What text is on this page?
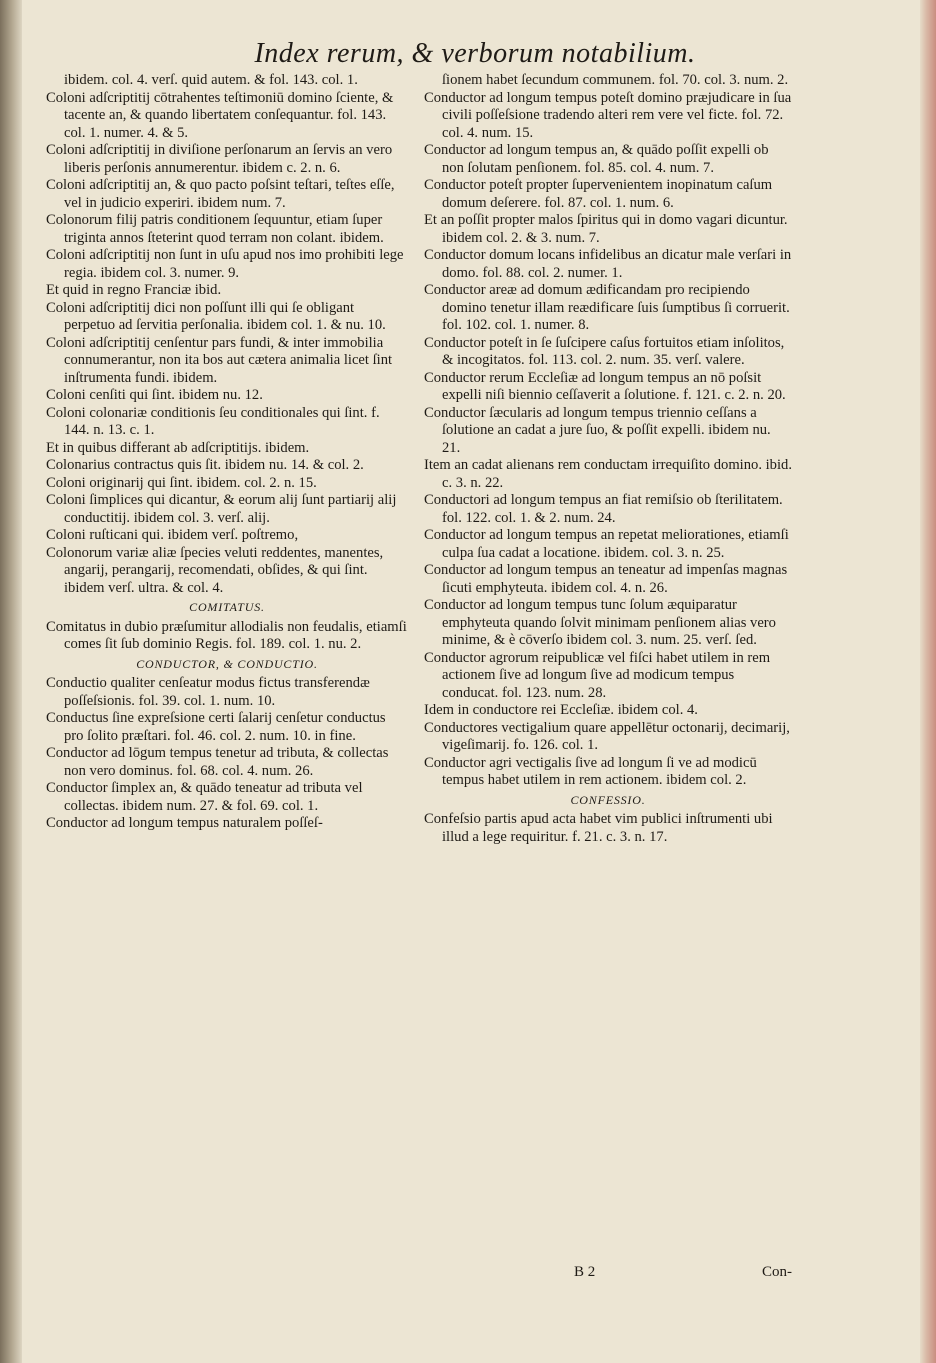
Index rerum, & verborum notabilium.
ibidem. col. 4. verſ. quid autem. & fol. 143. col. 1.
Coloni adſcriptitij cōtrahentes teſtimoniū domino ſciente, & tacente an, & quando libertatem conſequantur. fol. 143. col. 1. numer. 4. & 5.
Coloni adſcriptitij in diviſione perſonarum an ſervis an vero liberis perſonis annumerentur. ibidem c. 2. n. 6.
Coloni adſcriptitij an, & quo pacto poſsint teſtari, teſtes eſſe, vel in judicio experiri. ibidem num. 7.
Colonorum filij patris conditionem ſequuntur, etiam ſuper triginta annos ſteterint quod terram non colant. ibidem.
Coloni adſcriptitij non ſunt in uſu apud nos imo prohibiti lege regia. ibidem col. 3. numer. 9.
Et quid in regno Franciæ ibid.
Coloni adſcriptitij dici non poſſunt illi qui ſe obligant perpetuo ad ſervitia perſonalia. ibidem col. 1. & nu. 10.
Coloni adſcriptitij cenſentur pars fundi, & inter immobilia connumerantur, non ita bos aut cætera animalia licet ſint inſtrumenta fundi. ibidem.
Coloni cenſiti qui ſint. ibidem nu. 12.
Coloni colonariæ conditionis ſeu conditionales qui ſint. f. 144. n. 13. c. 1.
Et in quibus differant ab adſcriptitijs. ibidem.
Colonarius contractus quis ſit. ibidem nu. 14. & col. 2.
Coloni originarij qui ſint. ibidem. col. 2. n. 15.
Coloni ſimplices qui dicantur, & eorum alij ſunt partiarij alij conductitij. ibidem col. 3. verſ. alij.
Coloni ruſticani qui. ibidem verſ. poſtremo,
Colonorum variæ aliæ ſpecies veluti reddentes, manentes, angarij, perangarij, recomendati, obſides, & qui ſint. ibidem verſ. ultra. & col. 4.
COMITATUS.
Comitatus in dubio præſumitur allodialis non feudalis, etiamſi comes ſit ſub dominio Regis. fol. 189. col. 1. nu. 2.
CONDUCTOR, & CONDUCTIO.
Conductio qualiter cenſeatur modus fictus transferendæ poſſeſsionis. fol. 39. col. 1. num. 10.
Conductus ſine expreſsione certi ſalarij cenſetur conductus pro ſolito præſtari. fol. 46. col. 2. num. 10. in fine.
Conductor ad lōgum tempus tenetur ad tributa, & collectas non vero dominus. fol. 68. col. 4. num. 26.
Conductor ſimplex an, & quādo teneatur ad tributa vel collectas. ibidem num. 27. & fol. 69. col. 1.
Conductor ad longum tempus naturalem poſſeſ-
ſionem habet ſecundum communem. fol. 70. col. 3. num. 2.
Conductor ad longum tempus poteſt domino præjudicare in ſua civili poſſeſsione tradendo alteri rem vere vel ficte. fol. 72. col. 4. num. 15.
Conductor ad longum tempus an, & quādo poſſit expelli ob non ſolutam penſionem. fol. 85. col. 4. num. 7.
Conductor poteſt propter ſupervenientem inopinatum caſum domum deſerere. fol. 87. col. 1. num. 6.
Et an poſſit propter malos ſpiritus qui in domo vagari dicuntur. ibidem col. 2. & 3. num. 7.
Conductor domum locans infidelibus an dicatur male verſari in domo. fol. 88. col. 2. numer. 1.
Conductor areæ ad domum ædificandam pro recipiendo domino tenetur illam reædificare ſuis ſumptibus ſi corruerit. fol. 102. col. 1. numer. 8.
Conductor poteſt in ſe ſuſcipere caſus fortuitos etiam inſolitos, & incogitatos. fol. 113. col. 2. num. 35. verſ. valere.
Conductor rerum Eccleſiæ ad longum tempus an nō poſsit expelli niſi biennio ceſſaverit a ſolutione. f. 121. c. 2. n. 20.
Conductor ſæcularis ad longum tempus triennio ceſſans a ſolutione an cadat a jure ſuo, & poſſit expelli. ibidem nu. 21.
Item an cadat alienans rem conductam irrequiſito domino. ibid. c. 3. n. 22.
Conductori ad longum tempus an fiat remiſsio ob ſterilitatem. fol. 122. col. 1. & 2. num. 24.
Conductor ad longum tempus an repetat meliorationes, etiamſi culpa ſua cadat a locatione. ibidem. col. 3. n. 25.
Conductor ad longum tempus an teneatur ad impenſas magnas ſicuti emphyteuta. ibidem col. 4. n. 26.
Conductor ad longum tempus tunc ſolum æquiparatur emphyteuta quando ſolvit minimam penſionem alias vero minime, & è cōverſo ibidem col. 3. num. 25. verſ. ſed.
Conductor agrorum reipublicæ vel fiſci habet utilem in rem actionem ſive ad longum ſive ad modicum tempus conducat. fol. 123. num. 28.
Idem in conductore rei Eccleſiæ. ibidem col. 4.
Conductores vectigalium quare appellētur octonarij, decimarij, vigeſimarij. fo. 126. col. 1.
Conductor agri vectigalis ſive ad longum ſi ve ad modicū tempus habet utilem in rem actionem. ibidem col. 2.
CONFESSIO.
Confeſsio partis apud acta habet vim publici inſtrumenti ubi illud a lege requiritur. f. 21. c. 3. n. 17.
B 2	Con-
